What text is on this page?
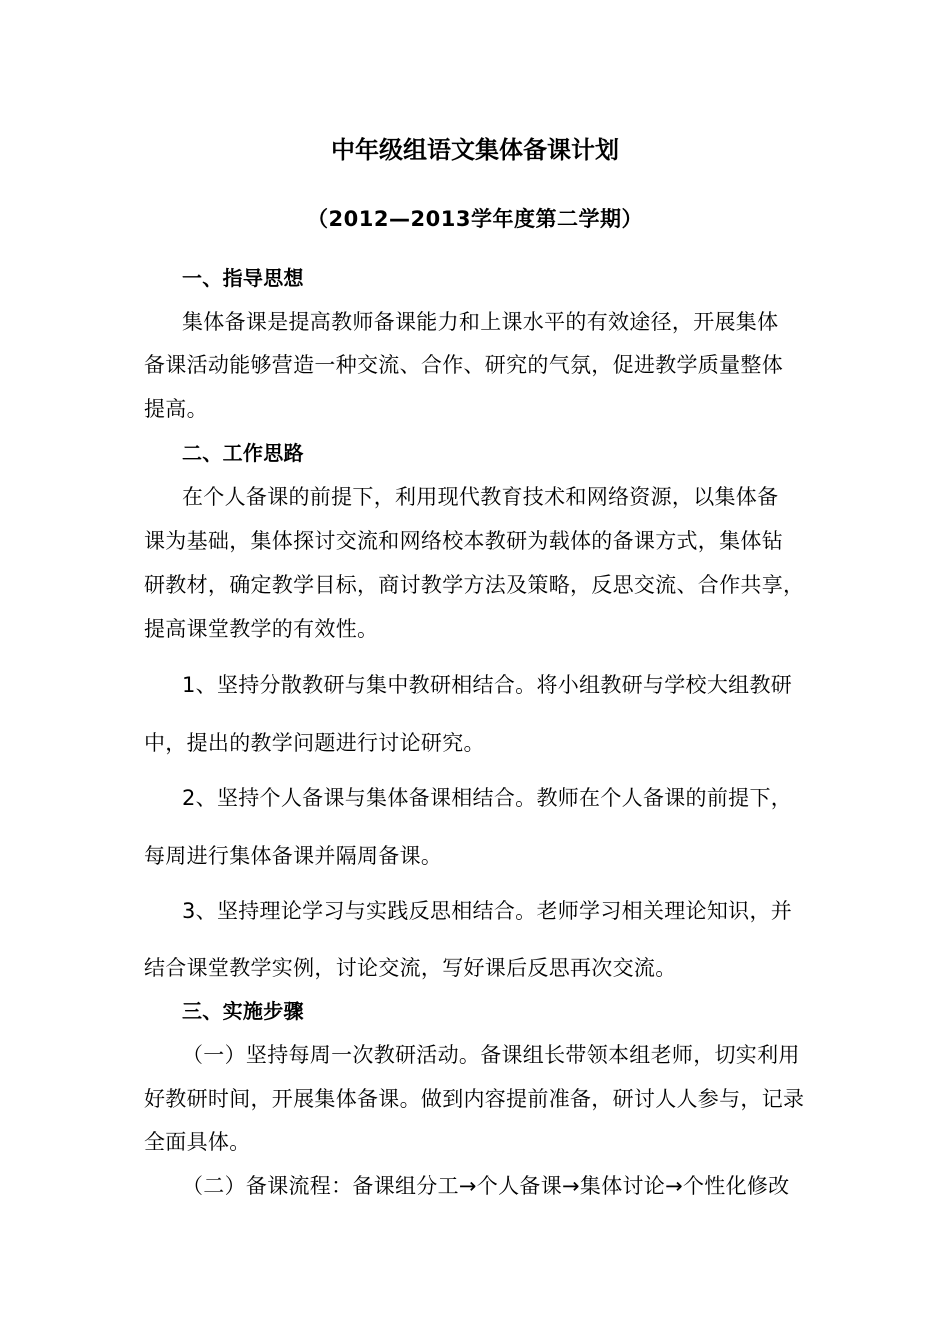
中年级组语文集体备课计划
（2012—2013学年度第二学期）
一、指导思想
集体备课是提高教师备课能力和上课水平的有效途径，开展集体
备课活动能够营造一种交流、合作、研究的气氛，促进教学质量整体
提高。
二、工作思路
在个人备课的前提下，利用现代教育技术和网络资源，以集体备
课为基础，集体探讨交流和网络校本教研为载体的备课方式，集体钻
研教材，确定教学目标，商讨教学方法及策略，反思交流、合作共享，
提高课堂教学的有效性。
1、坚持分散教研与集中教研相结合。将小组教研与学校大组教研
中，提出的教学问题进行讨论研究。
2、坚持个人备课与集体备课相结合。教师在个人备课的前提下，
每周进行集体备课并隔周备课。
3、坚持理论学习与实践反思相结合。老师学习相关理论知识，并
结合课堂教学实例，讨论交流，写好课后反思再次交流。
三、实施步骤
（一）坚持每周一次教研活动。备课组长带领本组老师，切实利用
好教研时间，开展集体备课。做到内容提前准备，研讨人人参与，记录
全面具体。
（二）备课流程：备课组分工→个人备课→集体讨论→个性化修改
